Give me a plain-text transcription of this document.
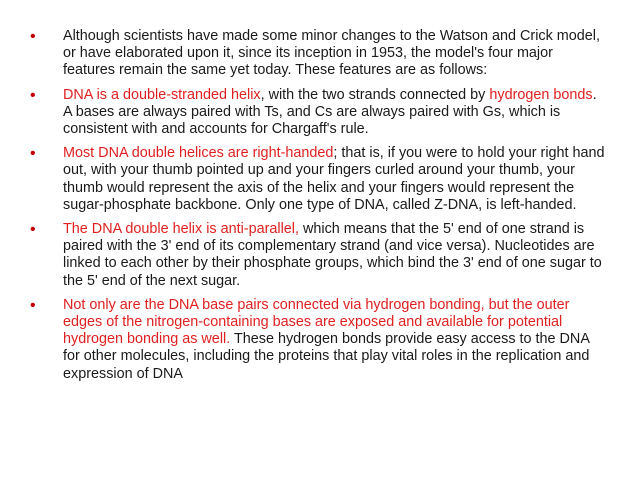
• Although scientists have made some minor changes to the Watson and Crick model, or have elaborated upon it, since its inception in 1953, the model's four major features remain the same yet today. These features are as follows:
• DNA is a double-stranded helix, with the two strands connected by hydrogen bonds. A bases are always paired with Ts, and Cs are always paired with Gs, which is consistent with and accounts for Chargaff's rule.
• Most DNA double helices are right-handed; that is, if you were to hold your right hand out, with your thumb pointed up and your fingers curled around your thumb, your thumb would represent the axis of the helix and your fingers would represent the sugar-phosphate backbone. Only one type of DNA, called Z-DNA, is left-handed.
• The DNA double helix is anti-parallel, which means that the 5' end of one strand is paired with the 3' end of its complementary strand (and vice versa). Nucleotides are linked to each other by their phosphate groups, which bind the 3' end of one sugar to the 5' end of the next sugar.
• Not only are the DNA base pairs connected via hydrogen bonding, but the outer edges of the nitrogen-containing bases are exposed and available for potential hydrogen bonding as well. These hydrogen bonds provide easy access to the DNA for other molecules, including the proteins that play vital roles in the replication and expression of DNA
